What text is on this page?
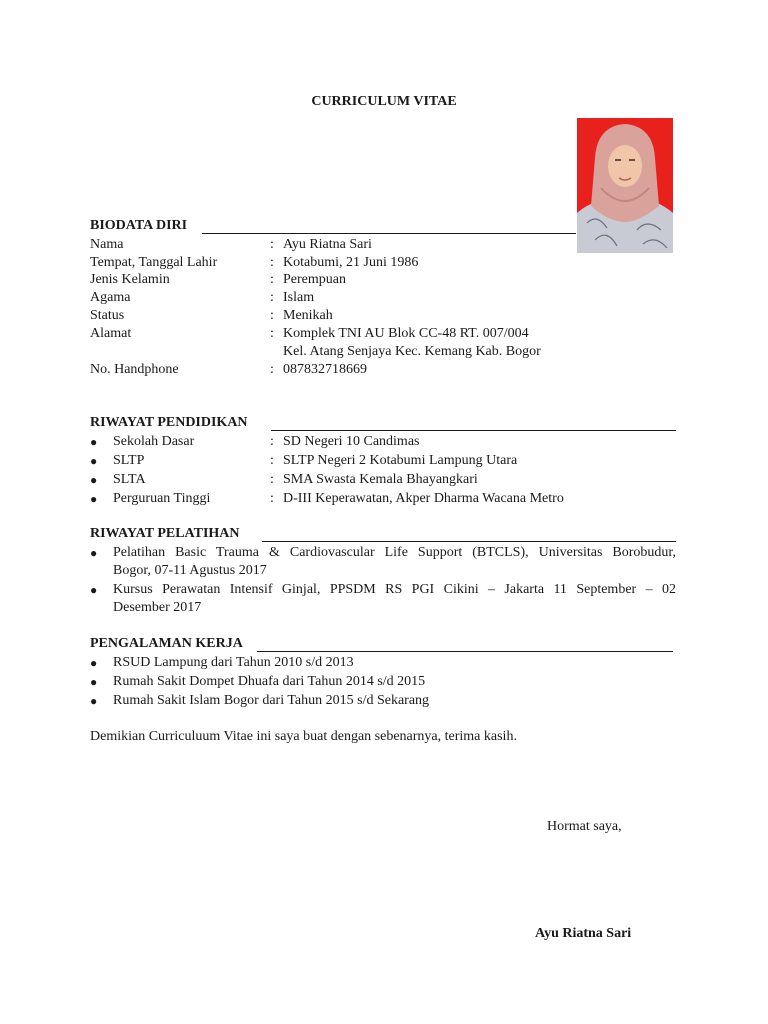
CURRICULUM VITAE
BIODATA DIRI
Nama	: Ayu Riatna Sari
Tempat, Tanggal Lahir	: Kotabumi, 21 Juni 1986
Jenis Kelamin	: Perempuan
Agama	: Islam
Status	: Menikah
Alamat	: Komplek TNI AU Blok CC-48 RT. 007/004
Kel. Atang Senjaya Kec. Kemang Kab. Bogor
No. Handphone	: 087832718669
RIWAYAT PENDIDIKAN
● Sekolah Dasar	: SD Negeri 10 Candimas
● SLTP	: SLTP Negeri 2 Kotabumi Lampung Utara
● SLTA	: SMA Swasta Kemala Bhayangkari
● Perguruan Tinggi	: D-III Keperawatan, Akper Dharma Wacana Metro
RIWAYAT PELATIHAN
● Pelatihan Basic Trauma & Cardiovascular Life Support (BTCLS), Universitas Borobudur,
Bogor, 07-11 Agustus 2017
● Kursus Perawatan Intensif Ginjal, PPSDM RS PGI Cikini – Jakarta 11 September – 02
Desember 2017
PENGALAMAN KERJA
● RSUD Lampung dari Tahun 2010 s/d 2013
● Rumah Sakit Dompet Dhuafa dari Tahun 2014 s/d 2015
● Rumah Sakit Islam Bogor dari Tahun 2015 s/d Sekarang
Demikian Curriculuum Vitae ini saya buat dengan sebenarnya, terima kasih.
Hormat saya,
Ayu Riatna Sari
